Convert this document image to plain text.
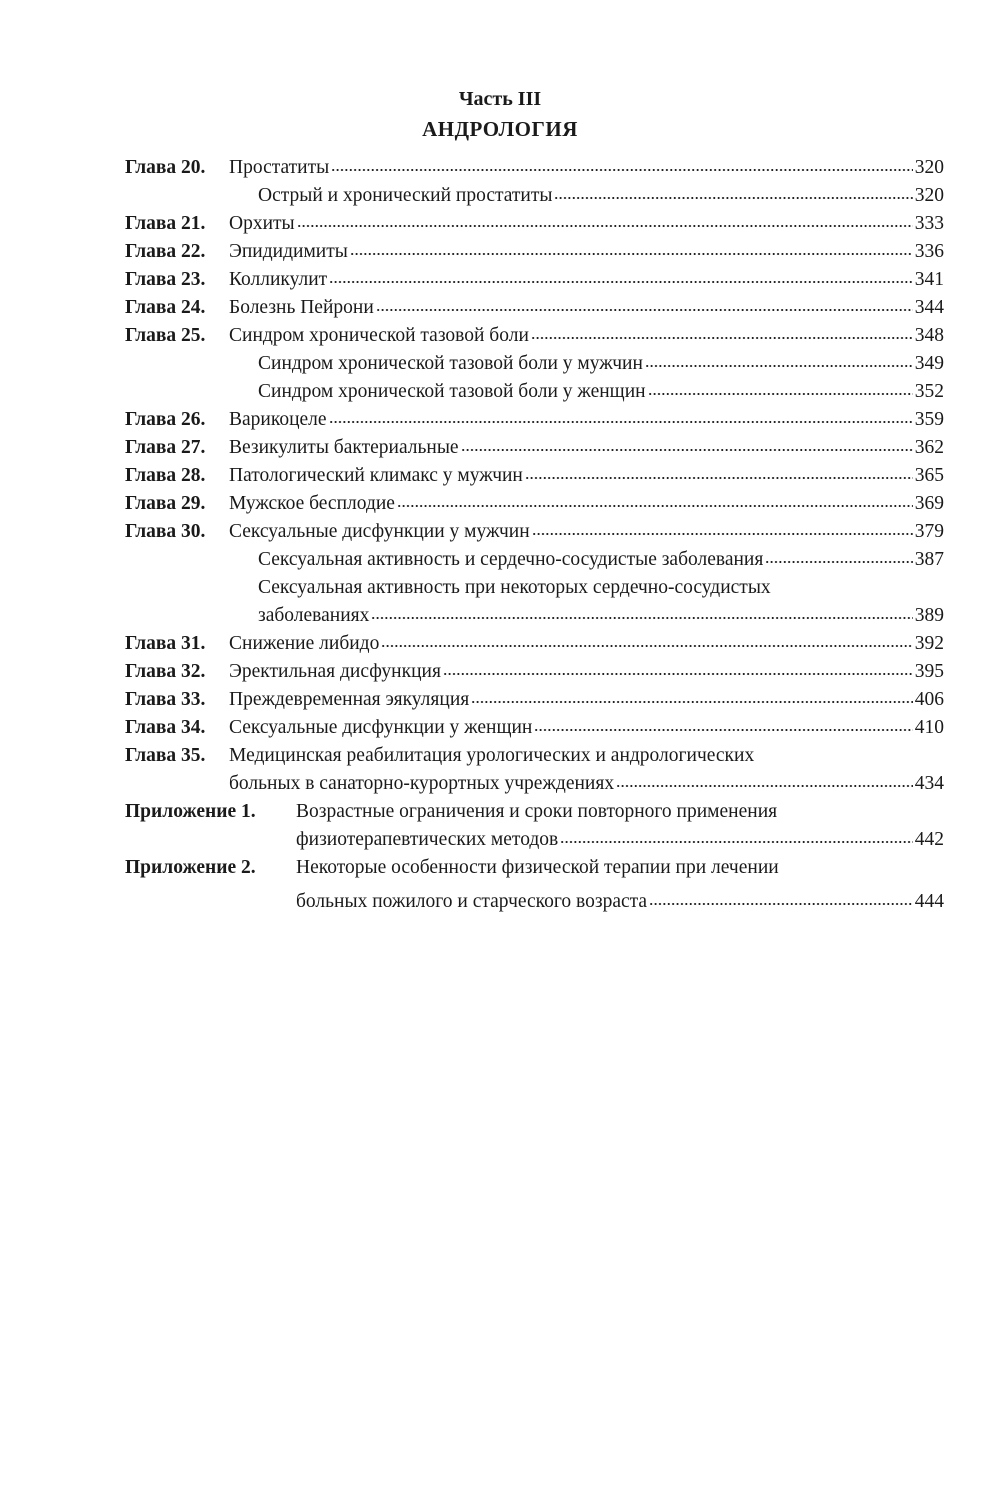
Часть III
АНДРОЛОГИЯ
Глава 20. Простатиты	320
Острый и хронический простатиты	320
Глава 21. Орхиты	333
Глава 22. Эпидидимиты	336
Глава 23. Колликулит	341
Глава 24. Болезнь Пейрони	344
Глава 25. Синдром хронической тазовой боли	348
Синдром хронической тазовой боли у мужчин	349
Синдром хронической тазовой боли у женщин	352
Глава 26. Варикоцеле	359
Глава 27. Везикулиты бактериальные	362
Глава 28. Патологический климакс у мужчин	365
Глава 29. Мужское бесплодие	369
Глава 30. Сексуальные дисфункции у мужчин	379
Сексуальная активность и сердечно-сосудистые заболевания	387
Сексуальная активность при некоторых сердечно-сосудистых
заболеваниях	389
Глава 31. Снижение либидо	392
Глава 32. Эректильная дисфункция	395
Глава 33. Преждевременная эякуляция	406
Глава 34. Сексуальные дисфункции у женщин	410
Глава 35. Медицинская реабилитация урологических и андрологических
больных в санаторно-курортных учреждениях	434
Приложение 1. Возрастные ограничения и сроки повторного применения
физиотерапевтических методов	442
Приложение 2. Некоторые особенности физической терапии при лечении
больных пожилого и старческого возраста	444
